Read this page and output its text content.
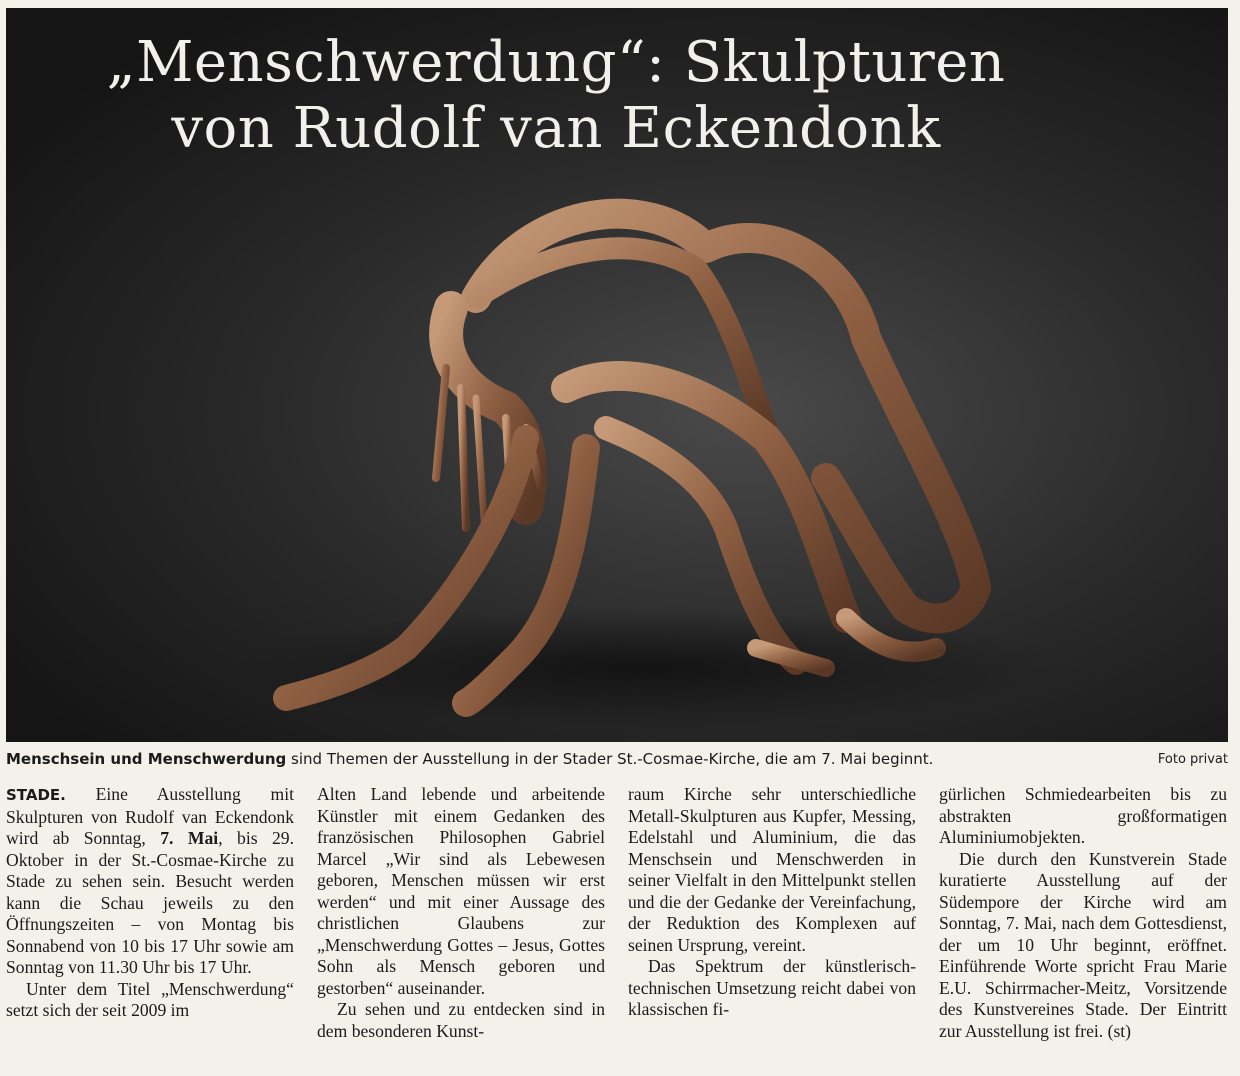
„Menschwerdung“: Skulpturen
von Rudolf van Eckendonk
Menschsein und Menschwerdung sind Themen der Ausstellung in der Stader St.-Cosmae-Kirche, die am 7. Mai beginnt.	Foto privat

STADE. Eine Ausstellung mit Skulpturen von Rudolf van Eckendonk wird ab Sonntag, 7. Mai, bis 29. Oktober in der St.-Cosmae-Kirche zu Stade zu sehen sein. Besucht werden kann die Schau jeweils zu den Öffnungszeiten – von Montag bis Sonnabend von 10 bis 17 Uhr sowie am Sonntag von 11.30 Uhr bis 17 Uhr.

Unter dem Titel „Menschwerdung“ setzt sich der seit 2009 im

Alten Land lebende und arbeitende Künstler mit einem Gedanken des französischen Philosophen Gabriel Marcel „Wir sind als Lebewesen geboren, Menschen müssen wir erst werden“ und mit einer Aussage des christlichen Glaubens zur „Menschwerdung Gottes – Jesus, Gottes Sohn als Mensch geboren und gestorben“ auseinander.

Zu sehen und zu entdecken sind in dem besonderen Kunst-

raum Kirche sehr unterschiedliche Metall-Skulpturen aus Kupfer, Messing, Edelstahl und Aluminium, die das Menschsein und Menschwerden in seiner Vielfalt in den Mittelpunkt stellen und die der Gedanke der Vereinfachung, der Reduktion des Komplexen auf seinen Ursprung, vereint.

Das Spektrum der künstlerisch-technischen Umsetzung reicht dabei von klassischen fi-

gürlichen Schmiedearbeiten bis zu abstrakten großformatigen Aluminiumobjekten.

Die durch den Kunstverein Stade kuratierte Ausstellung auf der Südempore der Kirche wird am Sonntag, 7. Mai, nach dem Gottesdienst, der um 10 Uhr beginnt, eröffnet. Einführende Worte spricht Frau Marie E.U. Schirrmacher-Meitz, Vorsitzende des Kunstvereines Stade. Der Eintritt zur Ausstellung ist frei. (st)
